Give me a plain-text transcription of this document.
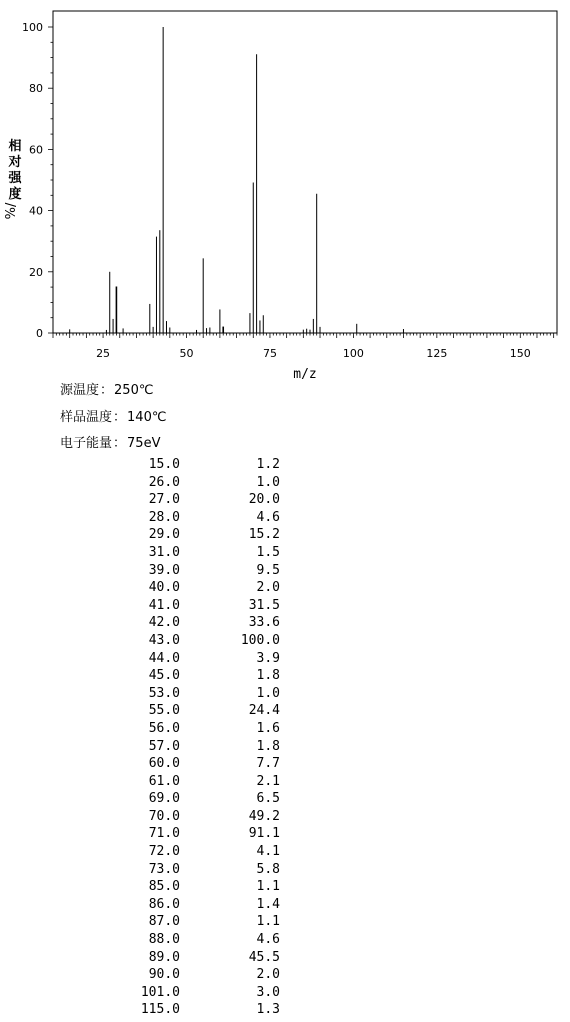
25	50	75	100	125	150
0
20
40
60
80
100
m/z
相
对
强
度
%/
源温度：250℃
样品温度：140℃
电子能量：75eV
15.0	1.2
26.0	1.0
27.0	20.0
28.0	4.6
29.0	15.2
31.0	1.5
39.0	9.5
40.0	2.0
41.0	31.5
42.0	33.6
43.0	100.0
44.0	3.9
45.0	1.8
53.0	1.0
55.0	24.4
56.0	1.6
57.0	1.8
60.0	7.7
61.0	2.1
69.0	6.5
70.0	49.2
71.0	91.1
72.0	4.1
73.0	5.8
85.0	1.1
86.0	1.4
87.0	1.1
88.0	4.6
89.0	45.5
90.0	2.0
101.0	3.0
115.0	1.3
